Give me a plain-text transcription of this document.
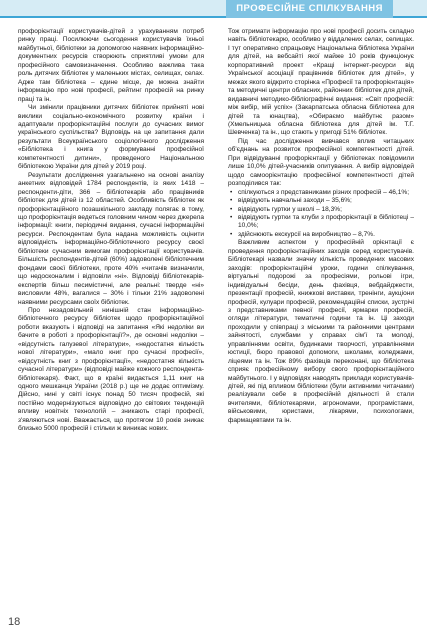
ПРОФЕСІЙНЕ СПІЛКУВАННЯ

профорієнтації користувачів-дітей з урахуванням потреб ринку праці. Посилюючи сьогодення користувачів їхньої майбутньої, бібліотеки за допомогою наявних інформаційно-документних ресурсів створюють сприятливі умови для професійного самовизначення. Особливо важлива така роль дитячих бібліотек у маленьких містах, селищах, селах. Адже там бібліотека – єдине місце, де можна знайти інформацію про нові професії, рейтинг професій на ринку праці та ін.

Чи змінили працівники дитячих бібліотек прийняті нові виклики соціально-економічного розвитку країни і адаптували профорієнтаційні послуги до сучасних вимог українського суспільства? Відповідь на це запитання дали результати Всеукраїнського соціологічного дослідження «Бібліотека і книга у формуванні професійної компетентності дитини», проведеного Національною бібліотекою України для дітей у 2019 році.

Результати дослідження узагальнено на основі аналізу анкетних відповідей 1784 респондентів, із яких 1418 – респонденти-діти, 366 – бібліотекарів або працівників бібліотек для дітей із 12 областей. Особливість бібліотек як профорієнтаційного позашкільного закладу полягає в тому, що профорієнтація ведеться головним чином через джерела інформації: книги, періодичні видання, сучасні інформаційні ресурси. Респондентам була надана можливість оцінити відповідність інформаційно-бібліотечного ресурсу своєї бібліотеки сучасним вимогам профорієнтації користувачів. Більшість респондентів-дітей (60%) задоволені бібліотечним фондами своєї бібліотеки, проте 40% «читачів визначили, що недосконалим і відповіли «ні». Відповіді бібліотекарів-експертів більш песимістичні, але реальні: тверде «ні» висловили 48%, вагалися – 30% і тільки 21% задоволені наявними ресурсами своїх бібліотек.

Про незадовільний нинішній стан інформаційно-бібліотечного ресурсу бібліотек щодо профорієнтаційної роботи вказують і відповіді на запитання «Які недоліки ви бачите в роботі з профорієнтації?», де основні недоліки – «відсутність галузевої літератури», «недостатня кількість нової літератури», «мало книг про сучасні професії», «відсутність книг з профорієнтації», «недостатня кількість сучасної літератури» (відповіді майже кожного респондента-бібліотекаря). Факт, що в країні видається 1,11 книг на одного мешканця України (2018 р.) ще не додає оптимізму. Дійсно, нині у світі існує понад 50 тисяч професій, які постійно модернізуються відповідно до світових тенденцій впливу новітніх технологій – зникають старі професії, з'являються нові. Вважається, що протягом 10 років зникає близько 5000 професій і стільки ж виникає нових.

Тож отримати інформацію про нові професії досить складно навіть бібліотекарю, особливо у віддалених селах, селищах. І тут оперативно спрацьовує Національна бібліотека України для дітей, на вебсайті якої майже 10 років функціонує корпоративний проект «Кращі інтернет-ресурси від Української асоціації працівників бібліотек для дітей», у межах якого відкрито сторінка «Професії та профорієнтація» та методичні центри обласних, районних бібліотек для дітей, видавничі методико-бібліографічні видання: «Світ професій: між вибір, мій успіх» (Закарпатська обласна бібліотека для дітей та юнацтва), «Обираємо майбутнє разом» (Хмельницька обласна бібліотека для дітей ім. Т.Г. Шевченка) та ін., що стають у пригоді 51% бібліотек.

Під час дослідження вивчався вплив читацьких об'єднань на розвиток професійної компетентності дітей. При відвідуванні профорієнтації у бібліотеках повідомили лише 10,0% дітей-учасників опитування. А вибір відповідей щодо самоорієнтацію професійної компетентності дітей розподілився так:

• спілкуються з представниками різних професій – 46,1%;
• відвідують навчальні заходи – 35,6%;
• відвідують гуртки у школі – 18,3%;
• відвідують гуртки та клуби з профорієнтації в бібліотеці – 10,0%;
• здійснюють екскурсії на виробництво – 8,7%.

Важливим аспектом у професійній орієнтації є проведення профорієнтаційних заходів серед користувачів. Бібліотекарі назвали значну кількість проведених масових заходів: профорієнтаційні уроки, години спілкування, віртуальні подорожі за професіями, рольові ігри, індивідуальні бесіди, день фахівця, вебдайджести, презентації професій, книжкові виставки, тренінги, аукціони професій, кулуари професій, рекомендаційні списки, зустрічі з представниками певної професії, ярмарки професій, огляди літератури, тематичні години та ін. Ці заходи проходили у співпраці з міськими та районними центрами зайнятості, службами у справах сім'ї та молоді, управліннями освіти, будинками творчості, управліннями юстиції, бюро правової допомоги, школами, коледжами, ліцеями та ін. Тож 89% фахівців переконані, що бібліотека сприяє професійному вибору свого профорієнтаційного майбутнього. І у відповідях наводять приклади користувачів-дітей, які під впливом бібліотеки (були активними читачами) реалізували себе в професійній діяльності й стали вчителями, бібліотекарями, агрономами, програмістами, військовими, юристами, лікарями, психологами, фармацевтами та ін.

18
